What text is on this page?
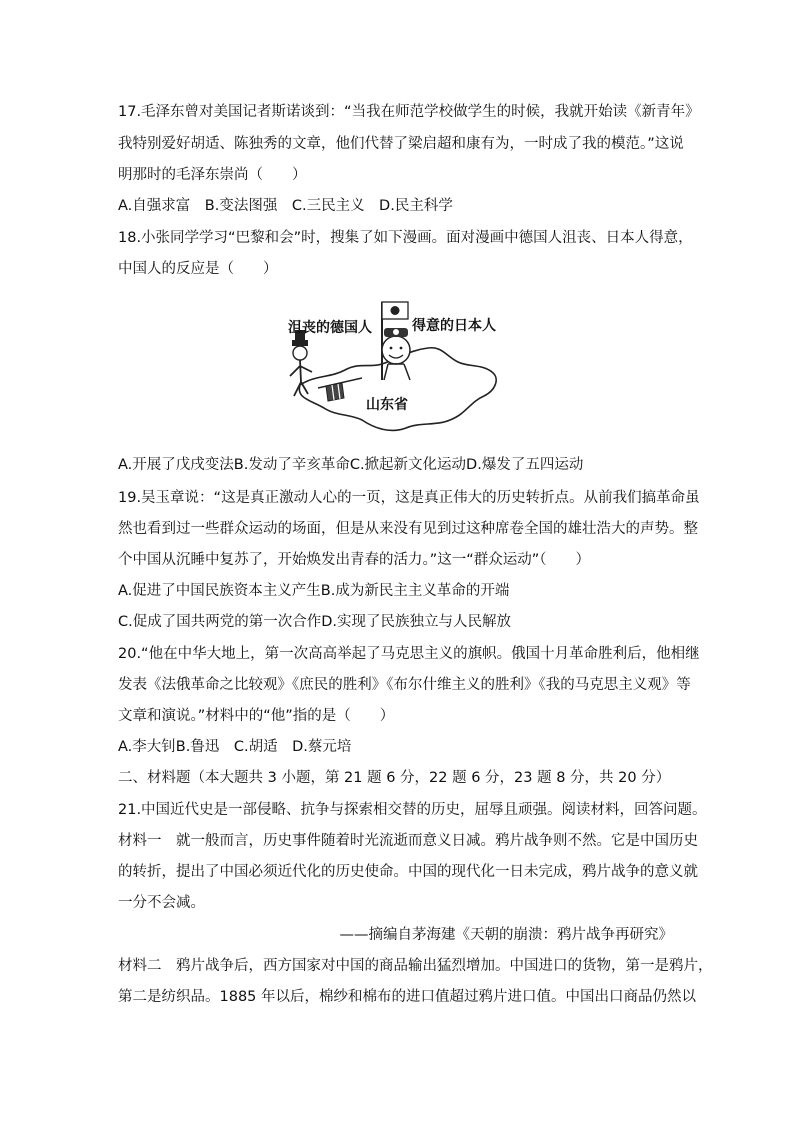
17.毛泽东曾对美国记者斯诺谈到：“当我在师范学校做学生的时候，我就开始读《新青年》
我特别爱好胡适、陈独秀的文章，他们代替了梁启超和康有为，一时成了我的模范。”这说
明那时的毛泽东崇尚（　　）
A.自强求富　B.变法图强　C.三民主义　D.民主科学
18.小张同学学习“巴黎和会”时，搜集了如下漫画。面对漫画中德国人沮丧、日本人得意，
中国人的反应是（　　）
沮丧的德国人	得意的日本人
山东省
A.开展了戊戌变法B.发动了辛亥革命C.掀起新文化运动D.爆发了五四运动
19.吴玉章说：“这是真正激动人心的一页，这是真正伟大的历史转折点。从前我们搞革命虽
然也看到过一些群众运动的场面，但是从来没有见到过这种席卷全国的雄壮浩大的声势。整
个中国从沉睡中复苏了，开始焕发出青春的活力。”这一“群众运动”（　　）
A.促进了中国民族资本主义产生B.成为新民主主义革命的开端
C.促成了国共两党的第一次合作D.实现了民族独立与人民解放
20.“他在中华大地上，第一次高高举起了马克思主义的旗帜。俄国十月革命胜利后，他相继
发表《法俄革命之比较观》《庶民的胜利》《布尔什维主义的胜利》《我的马克思主义观》等
文章和演说。”材料中的“他”指的是（　　）
A.李大钊B.鲁迅　C.胡适　D.蔡元培
二、材料题（本大题共 3 小题，第 21 题 6 分，22 题 6 分，23 题 8 分，共 20 分）
21.中国近代史是一部侵略、抗争与探索相交替的历史，屈辱且顽强。阅读材料，回答问题。
材料一　就一般而言，历史事件随着时光流逝而意义日减。鸦片战争则不然。它是中国历史
的转折，提出了中国必须近代化的历史使命。中国的现代化一日未完成，鸦片战争的意义就
一分不会减。
——摘编自茅海建《天朝的崩溃：鸦片战争再研究》
材料二　鸦片战争后，西方国家对中国的商品输出猛烈增加。中国进口的货物，第一是鸦片，
第二是纺织品。1885 年以后，棉纱和棉布的进口值超过鸦片进口值。中国出口商品仍然以
